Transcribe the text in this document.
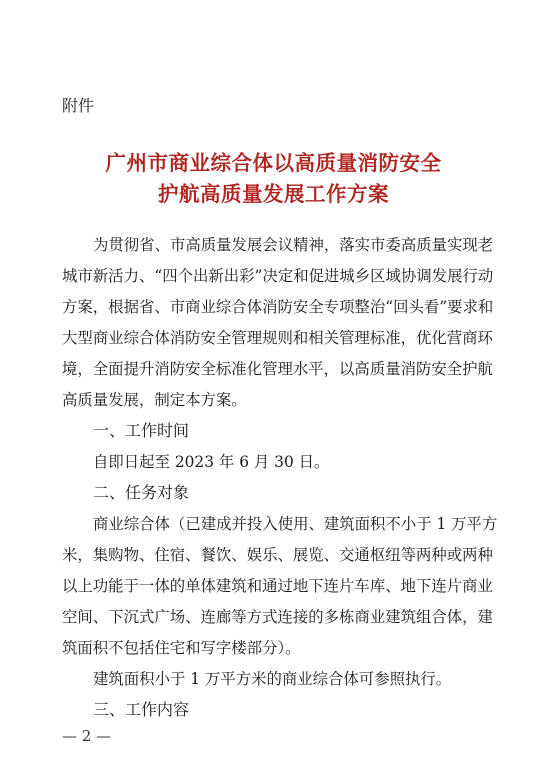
附件
广州市商业综合体以高质量消防安全
护航高质量发展工作方案
为贯彻省、市高质量发展会议精神，落实市委高质量实现老
城市新活力、“四个出新出彩”决定和促进城乡区域协调发展行动
方案，根据省、市商业综合体消防安全专项整治“回头看”要求和
大型商业综合体消防安全管理规则和相关管理标准，优化营商环
境，全面提升消防安全标准化管理水平，以高质量消防安全护航
高质量发展，制定本方案。
一、工作时间
自即日起至 2023 年 6 月 30 日。
二、任务对象
商业综合体（已建成并投入使用、建筑面积不小于 1 万平方
米，集购物、住宿、餐饮、娱乐、展览、交通枢纽等两种或两种
以上功能于一体的单体建筑和通过地下连片车库、地下连片商业
空间、下沉式广场、连廊等方式连接的多栋商业建筑组合体，建
筑面积不包括住宅和写字楼部分）。
建筑面积小于 1 万平方米的商业综合体可参照执行。
三、工作内容
— 2 —
